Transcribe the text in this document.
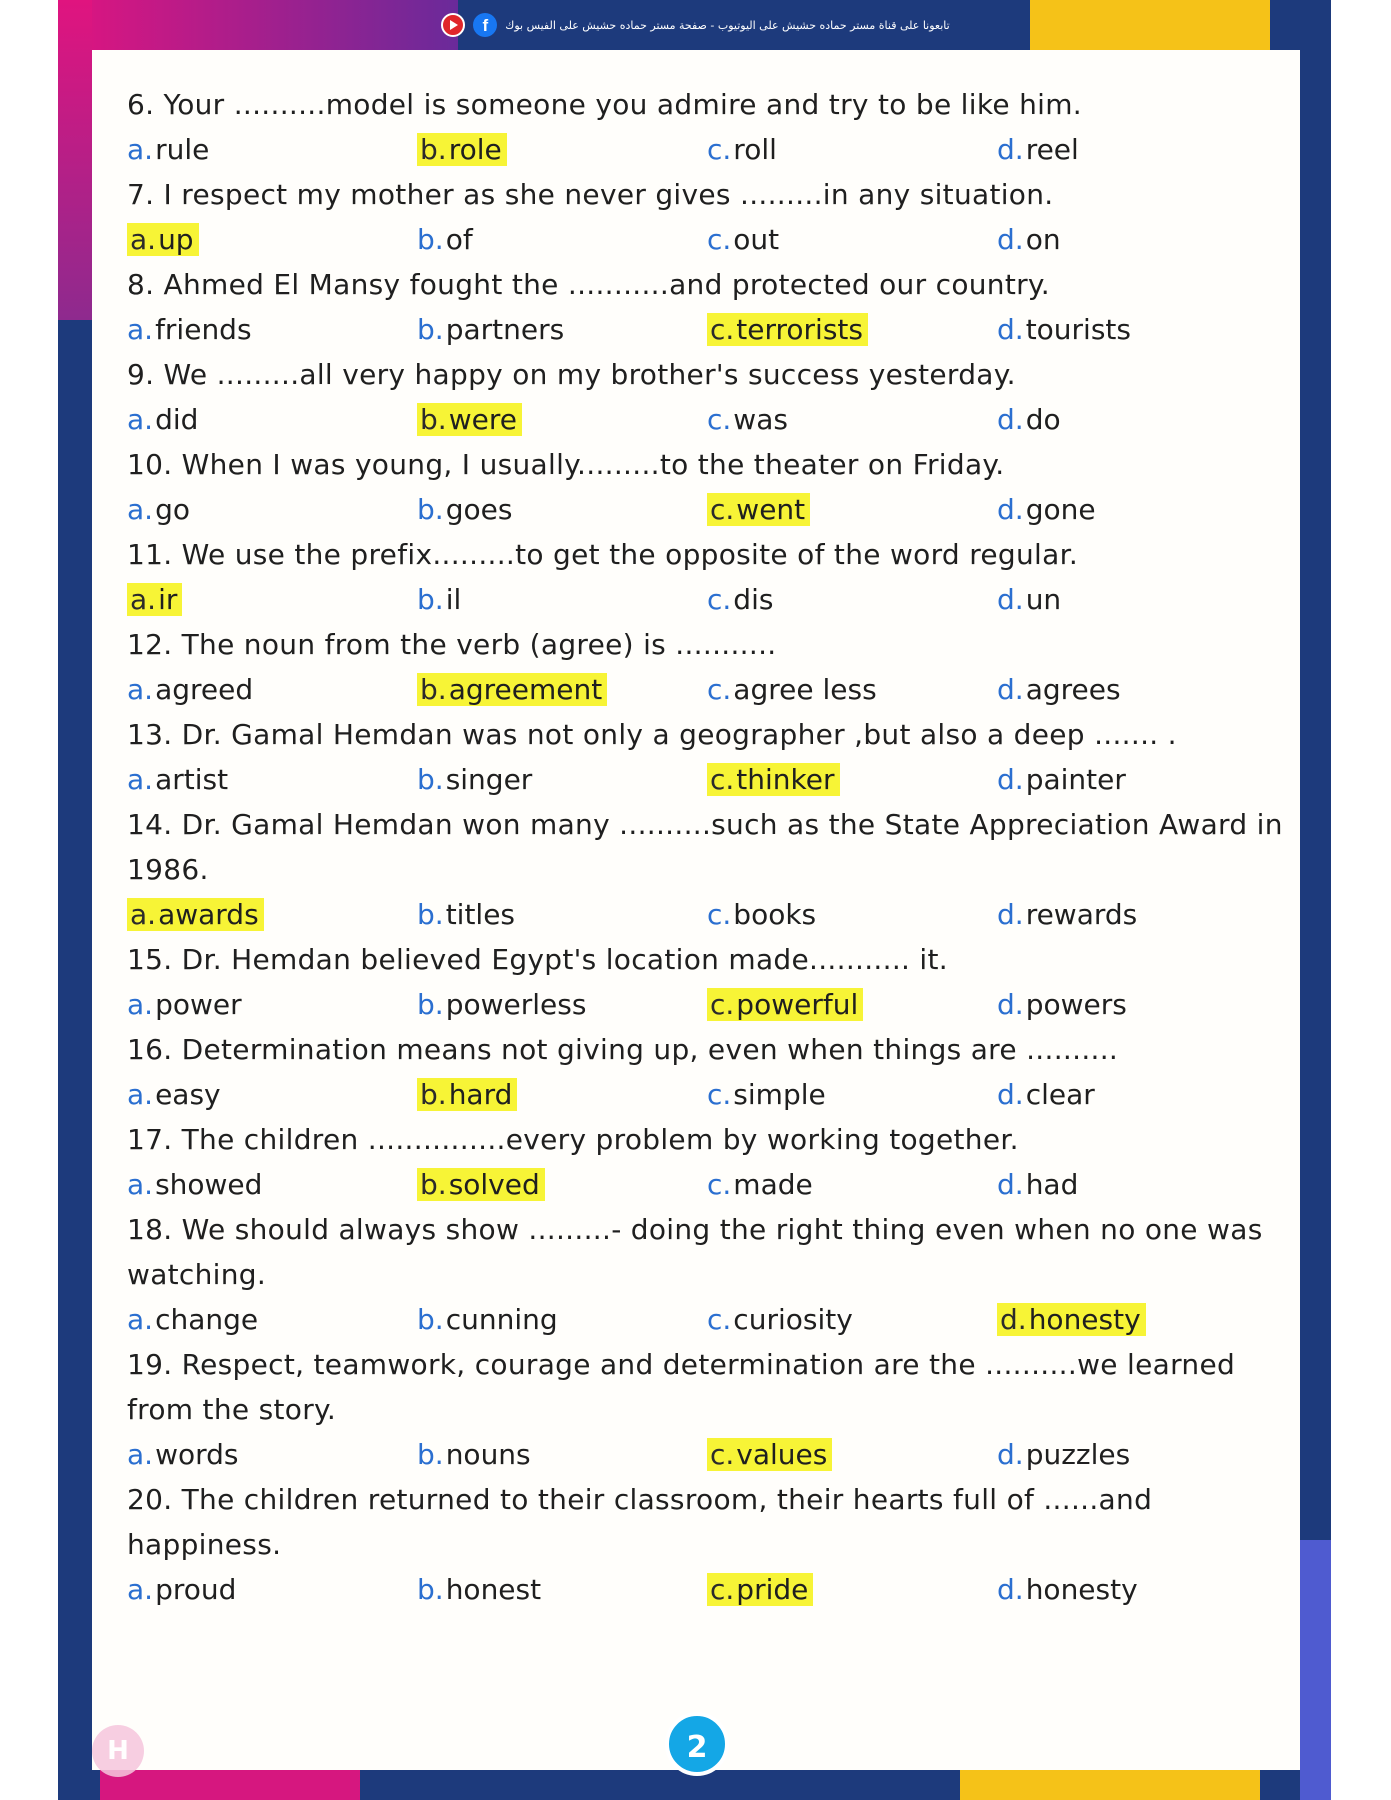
f	تابعونا على قناة مستر حماده حشيش على اليوتيوب - صفحة مستر حماده حشيش على الفيس بوك

6. Your ..........model is someone you admire and try to be like him.

a.rule	b.role	c.roll	d.reel

7. I respect my mother as she never gives .........in any situation.

a.up	b.of	c.out	d.on

8. Ahmed El Mansy fought the ...........and protected our country.

a.friends	b.partners	c.terrorists	d.tourists

9. We .........all very happy on my brother's success yesterday.

a.did	b.were	c.was	d.do

10. When I was young, I usually.........to the theater on Friday.

a.go	b.goes	c.went	d.gone

11. We use the prefix.........to get the opposite of the word regular.

a.ir	b.il	c.dis	d.un

12. The noun from the verb (agree) is ...........

a.agreed	b.agreement	c.agree less	d.agrees

13. Dr. Gamal Hemdan was not only a geographer ,but also a deep ....... .

a.artist	b.singer	c.thinker	d.painter

14. Dr. Gamal Hemdan won many ..........such as the State Appreciation Award in 1986.

a.awards	b.titles	c.books	d.rewards

15. Dr. Hemdan believed Egypt's location made........... it.

a.power	b.powerless	c.powerful	d.powers

16. Determination means not giving up, even when things are ..........

a.easy	b.hard	c.simple	d.clear

17. The children ...............every problem by working together.

a.showed	b.solved	c.made	d.had

18. We should always show .........- doing the right thing even when no one was watching.

a.change	b.cunning	c.curiosity	d.honesty

19. Respect, teamwork, courage and determination are the ..........we learned from the story.

a.words	b.nouns	c.values	d.puzzles

20. The children returned to their classroom, their hearts full of ......and happiness.

a.proud	b.honest	c.pride	d.honesty
H	2
